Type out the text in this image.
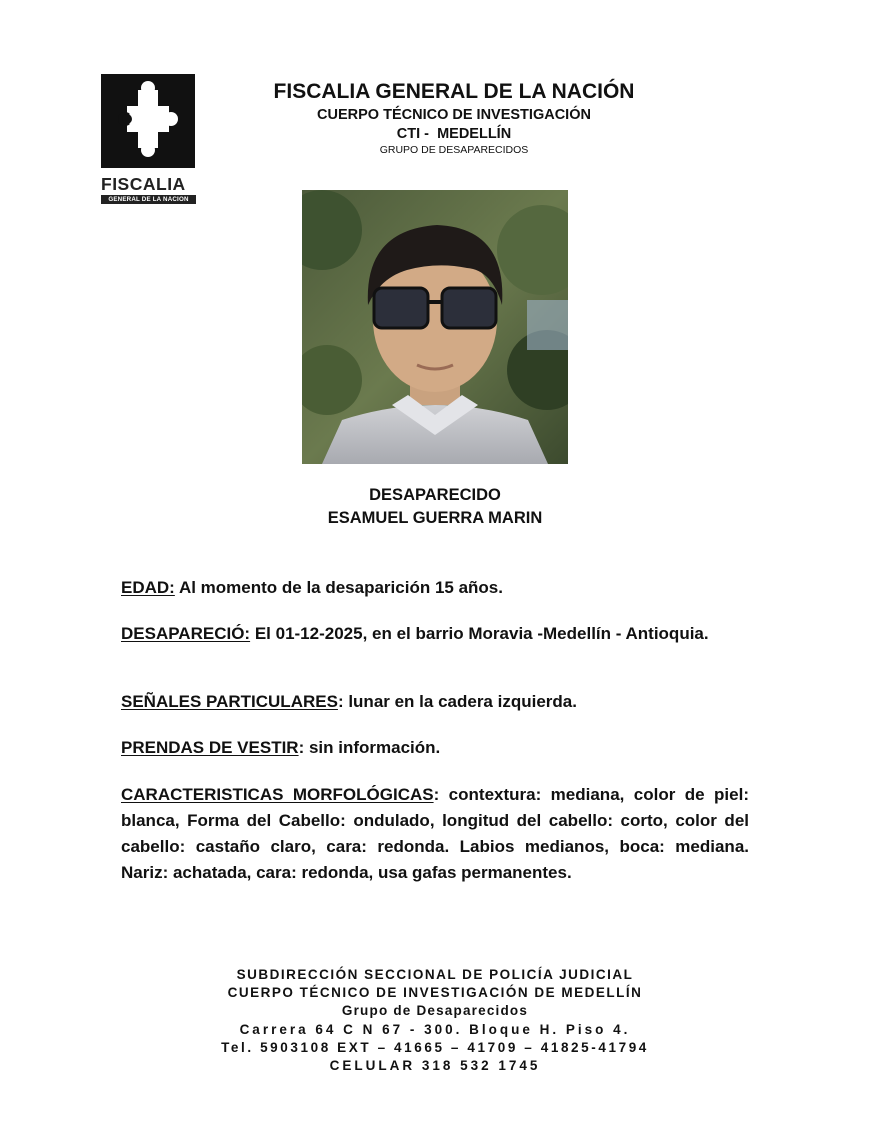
FISCALIA
GENERAL DE LA NACION
FISCALIA GENERAL DE LA NACIÓN
CUERPO TÉCNICO DE INVESTIGACIÓN
CTI -  MEDELLÍN
GRUPO DE DESAPARECIDOS
DESAPARECIDO
ESAMUEL GUERRA MARIN
EDAD: Al momento de la desaparición 15 años.
DESAPARECIÓ: El 01-12-2025, en el barrio Moravia -Medellín - Antioquia.
SEÑALES PARTICULARES: lunar en la cadera izquierda.
PRENDAS DE VESTIR: sin información.
CARACTERISTICAS MORFOLÓGICAS: contextura: mediana, color de piel: blanca, Forma del Cabello: ondulado, longitud del cabello: corto, color del cabello: castaño claro, cara: redonda. Labios medianos, boca: mediana. Nariz: achatada, cara: redonda, usa gafas permanentes.
SUBDIRECCIÓN SECCIONAL DE POLICÍA JUDICIAL
CUERPO TÉCNICO DE INVESTIGACIÓN DE MEDELLÍN
Grupo de Desaparecidos
Carrera 64 C N 67 - 300. Bloque H. Piso 4.
Tel. 5903108 EXT – 41665 – 41709 – 41825-41794
CELULAR 318 532 1745
